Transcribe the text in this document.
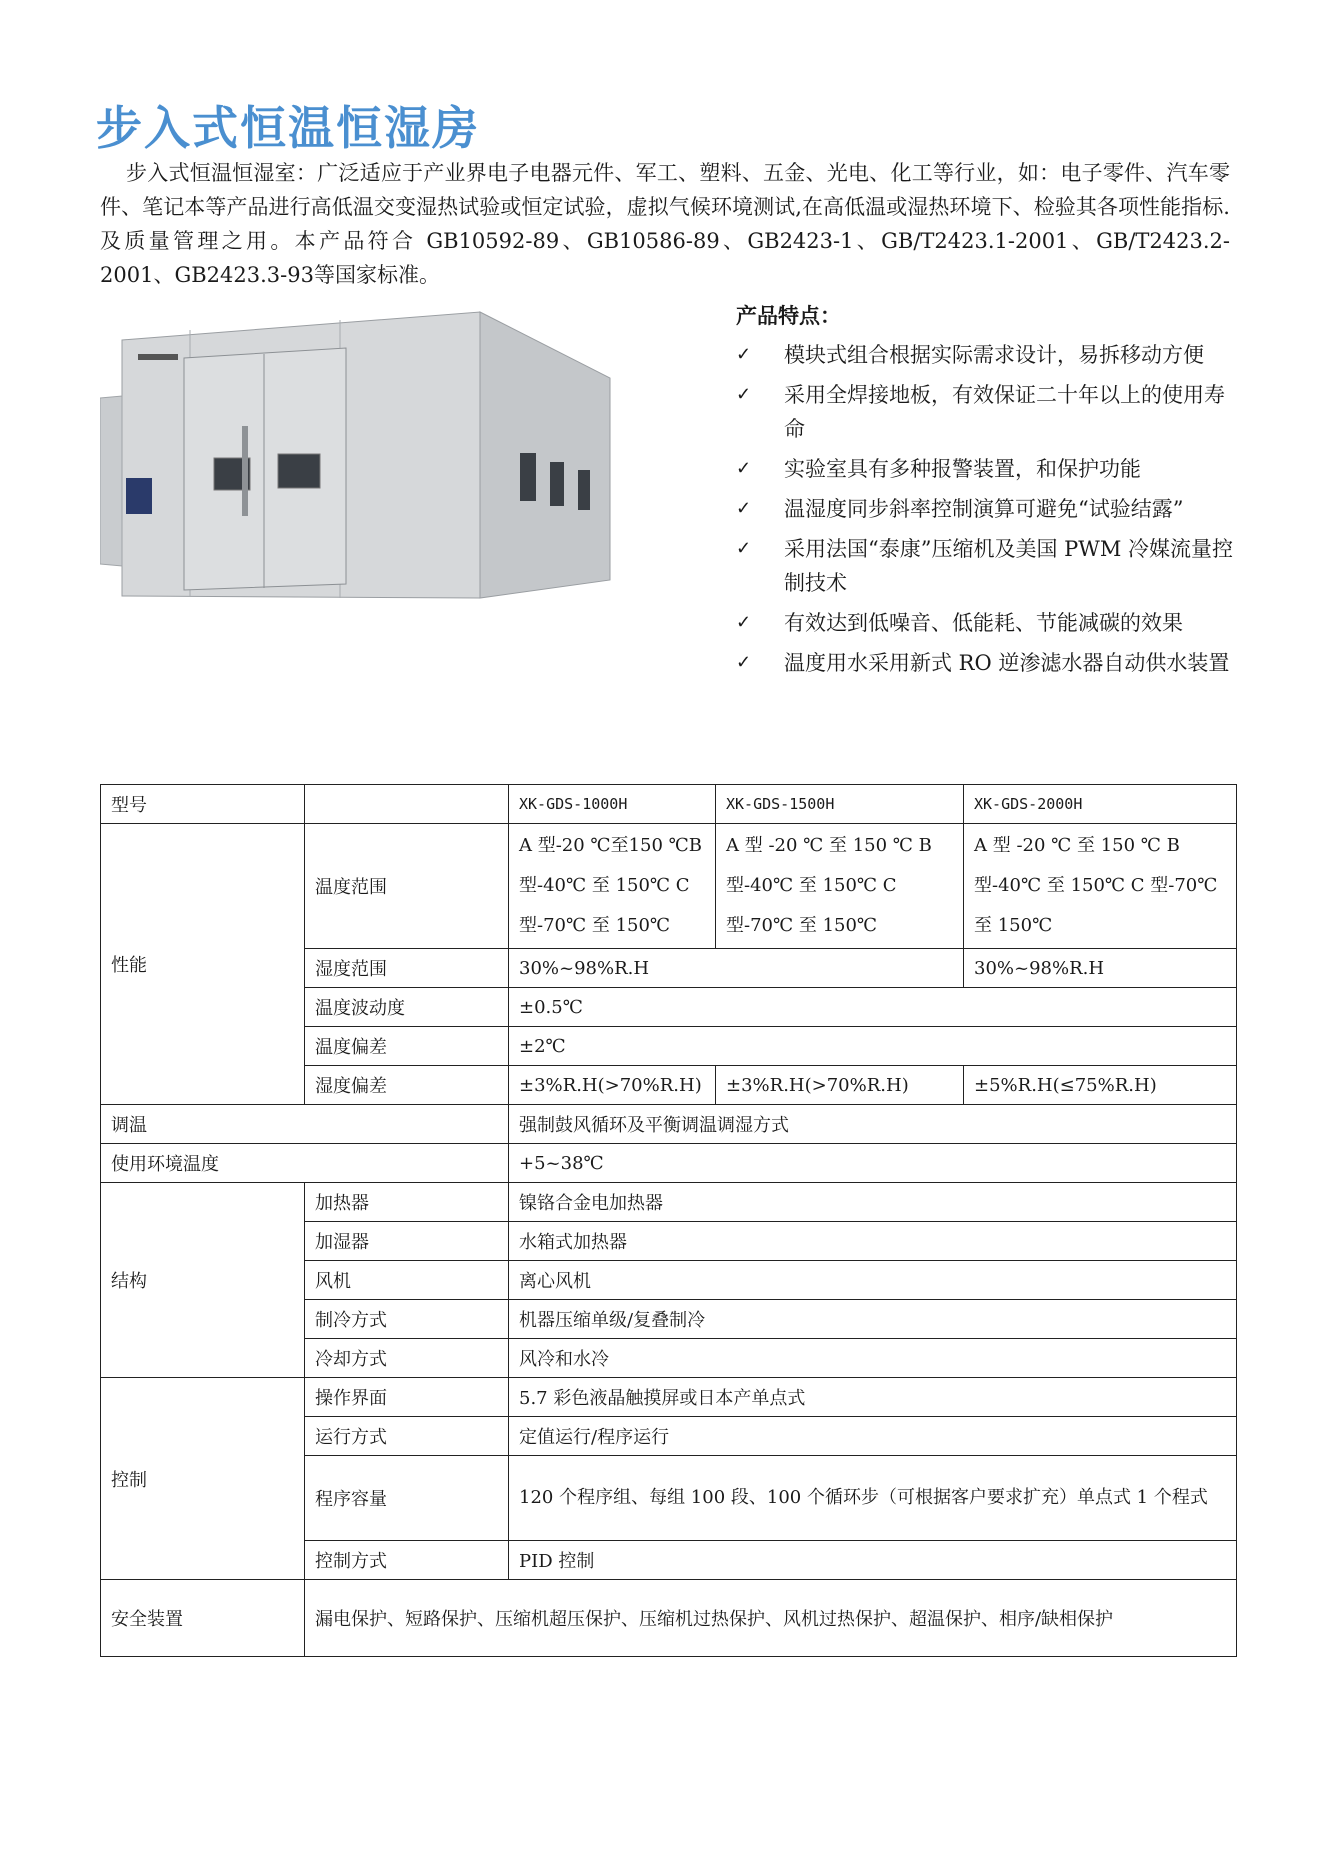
步入式恒温恒湿房

步入式恒温恒湿室：广泛适应于产业界电子电器元件、军工、塑料、五金、光电、化工等行业，如：电子零件、汽车零件、笔记本等产品进行高低温交变湿热试验或恒定试验，虚拟气候环境测试,在高低温或湿热环境下、检验其各项性能指标.及质量管理之用。本产品符合 GB10592-89、GB10586-89、GB2423-1、GB/T2423.1-2001、GB/T2423.2-2001、GB2423.3-93等国家标准。

产品特点：
✓ 模块式组合根据实际需求设计，易拆移动方便
✓ 采用全焊接地板，有效保证二十年以上的使用寿命
✓ 实验室具有多种报警装置，和保护功能
✓ 温湿度同步斜率控制演算可避免“试验结露”
✓ 采用法国“泰康”压缩机及美国 PWM 冷媒流量控制技术
✓ 有效达到低噪音、低能耗、节能减碳的效果
✓ 温度用水采用新式 RO 逆渗滤水器自动供水装置
型号		XK-GDS-1000H	XK-GDS-1500H	XK-GDS-2000H
性能	温度范围	A 型-20 ℃至150 ℃B 型-40℃ 至 150℃ C 型-70℃ 至 150℃	A 型 -20 ℃ 至 150 ℃ B 型-40℃ 至 150℃ C 型-70℃ 至 150℃	A 型 -20 ℃ 至 150 ℃ B 型-40℃ 至 150℃ C 型-70℃ 至 150℃
	湿度范围	30%~98%R.H		30%~98%R.H
	温度波动度	±0.5℃		
	温度偏差	±2℃		
	湿度偏差	±3%R.H(>70%R.H)	±3%R.H(>70%R.H)	±5%R.H(≤75%R.H)
调温		强制鼓风循环及平衡调温调湿方式		
使用环境温度		+5~38℃		
结构	加热器	镍铬合金电加热器		
	加湿器	水箱式加热器		
	风机	离心风机		
	制冷方式	机器压缩单级/复叠制冷		
	冷却方式	风冷和水冷		
控制	操作界面	5.7 彩色液晶触摸屏或日本产单点式		
	运行方式	定值运行/程序运行		
	程序容量	120 个程序组、每组 100 段、100 个循环步（可根据客户要求扩充）单点式 1 个程式		
	控制方式	PID 控制		
安全装置	漏电保护、短路保护、压缩机超压保护、压缩机过热保护、风机过热保护、超温保护、相序/缺相保护			
